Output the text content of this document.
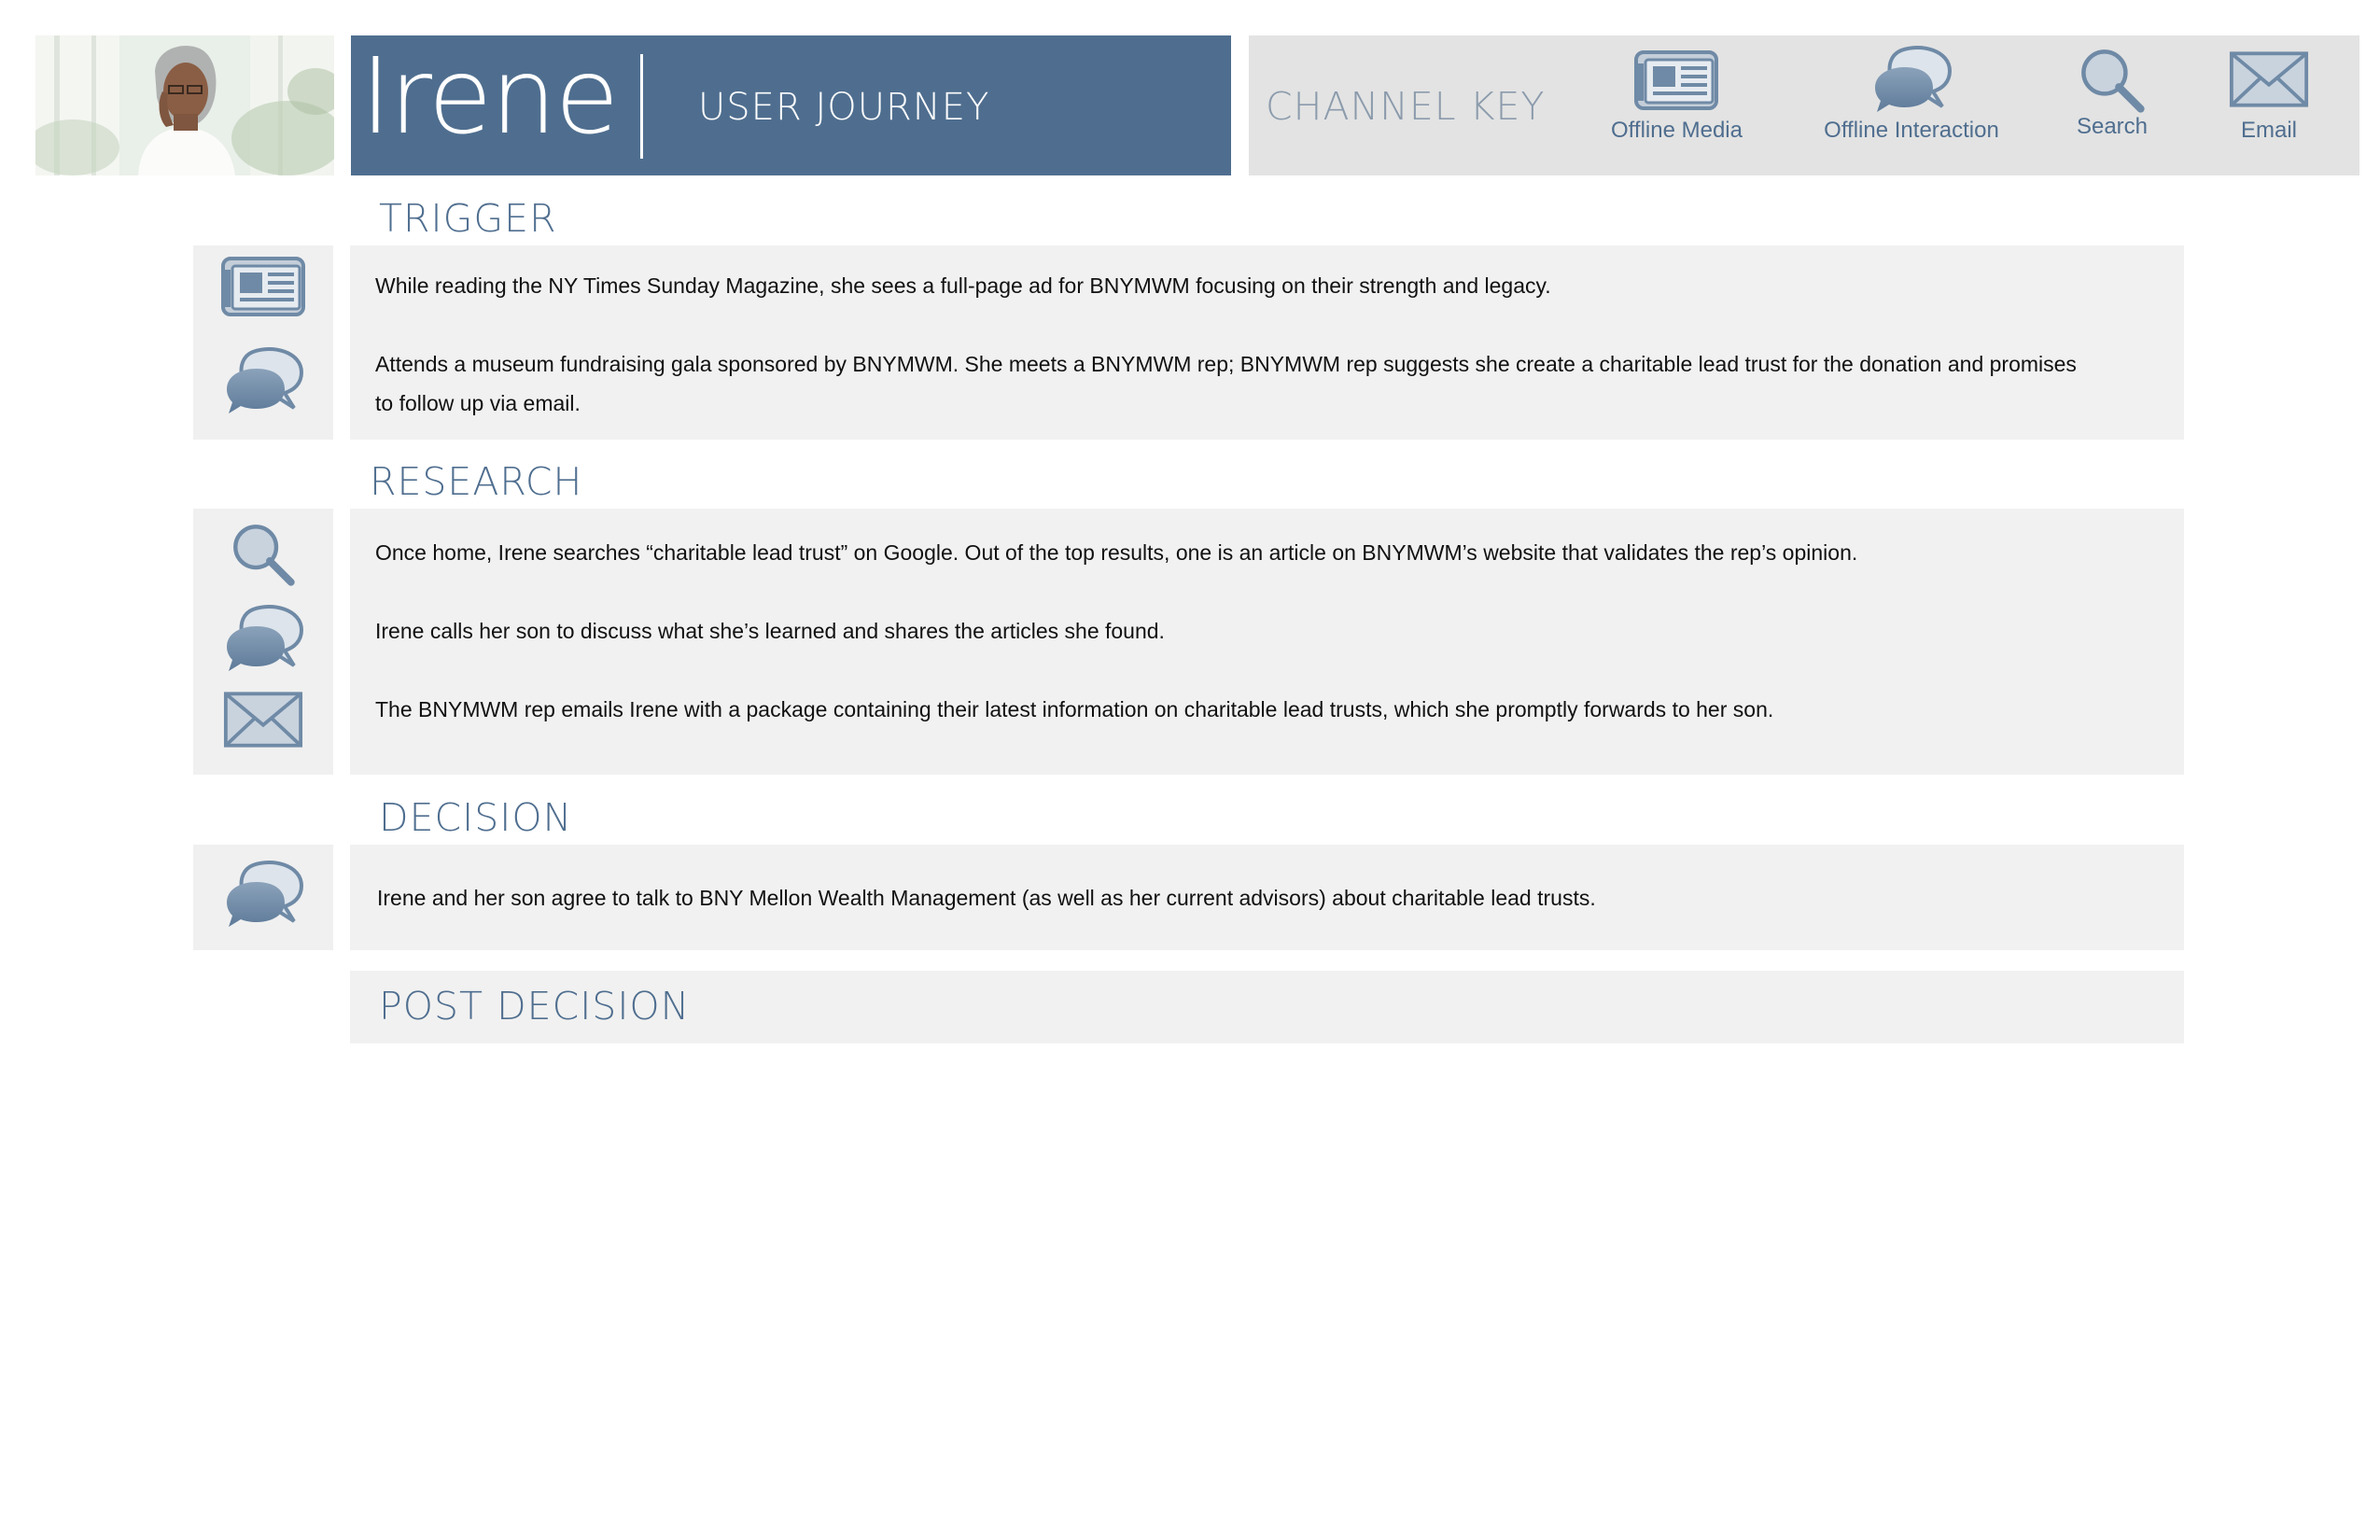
Irene USER JOURNEY	CHANNEL KEY
Offline Media	Offline Interaction	Search	Email
TRIGGER
While reading the NY Times Sunday Magazine, she sees a full-page ad for BNYMWM focusing on their strength and legacy.
Attends a museum fundraising gala sponsored by BNYMWM. She meets a BNYMWM rep; BNYMWM rep suggests she create a charitable lead trust for the donation and promises to follow up via email.
RESEARCH
Once home, Irene searches “charitable lead trust” on Google. Out of the top results, one is an article on BNYMWM’s website that validates the rep’s opinion.
Irene calls her son to discuss what she’s learned and shares the articles she found.
The BNYMWM rep emails Irene with a package containing their latest information on charitable lead trusts, which she promptly forwards to her son.
DECISION
Irene and her son agree to talk to BNY Mellon Wealth Management (as well as her current advisors) about charitable lead trusts.
POST DECISION
